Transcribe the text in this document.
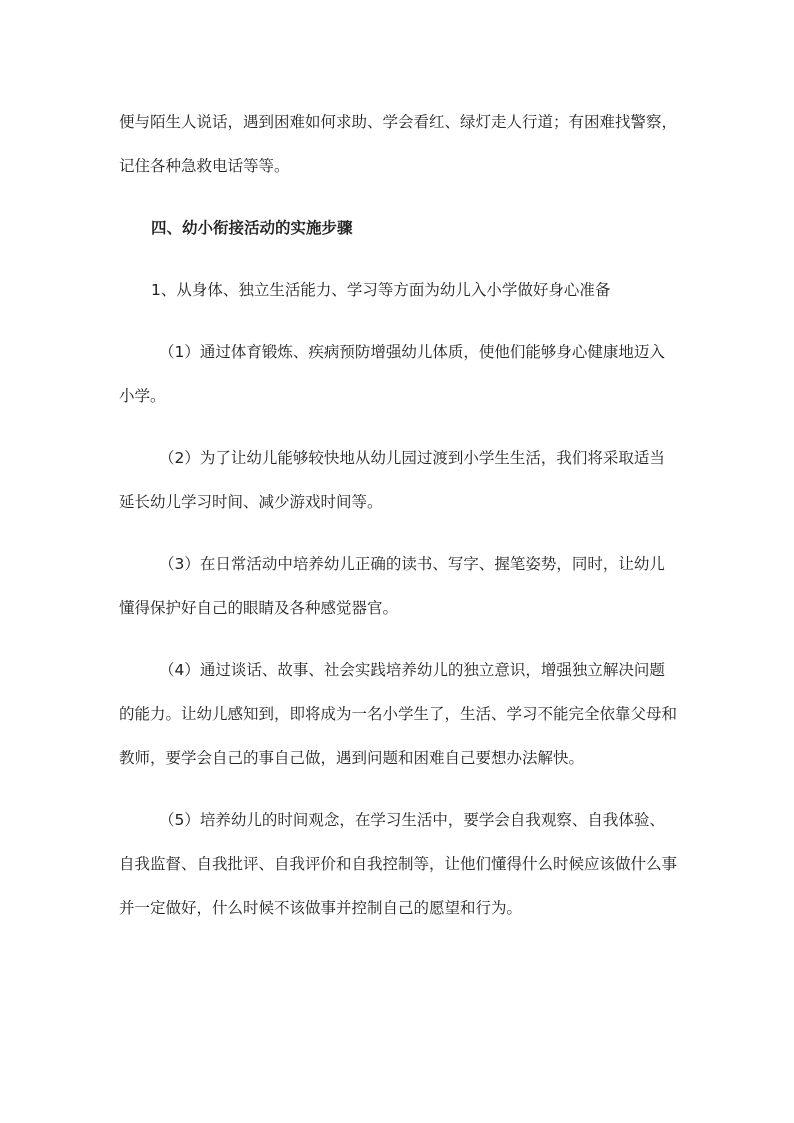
便与陌生人说话，遇到困难如何求助、学会看红、绿灯走人行道；有困难找警察，记住各种急救电话等等。

四、幼小衔接活动的实施步骤

1、从身体、独立生活能力、学习等方面为幼儿入小学做好身心准备

（1）通过体育锻炼、疾病预防增强幼儿体质，使他们能够身心健康地迈入小学。

（2）为了让幼儿能够较快地从幼儿园过渡到小学生生活，我们将采取适当延长幼儿学习时间、减少游戏时间等。

（3）在日常活动中培养幼儿正确的读书、写字、握笔姿势，同时，让幼儿懂得保护好自己的眼睛及各种感觉器官。

（4）通过谈话、故事、社会实践培养幼儿的独立意识，增强独立解决问题的能力。让幼儿感知到，即将成为一名小学生了，生活、学习不能完全依靠父母和教师，要学会自己的事自己做，遇到问题和困难自己要想办法解快。

（5）培养幼儿的时间观念，在学习生活中，要学会自我观察、自我体验、自我监督、自我批评、自我评价和自我控制等，让他们懂得什么时候应该做什么事并一定做好，什么时候不该做事并控制自己的愿望和行为。
